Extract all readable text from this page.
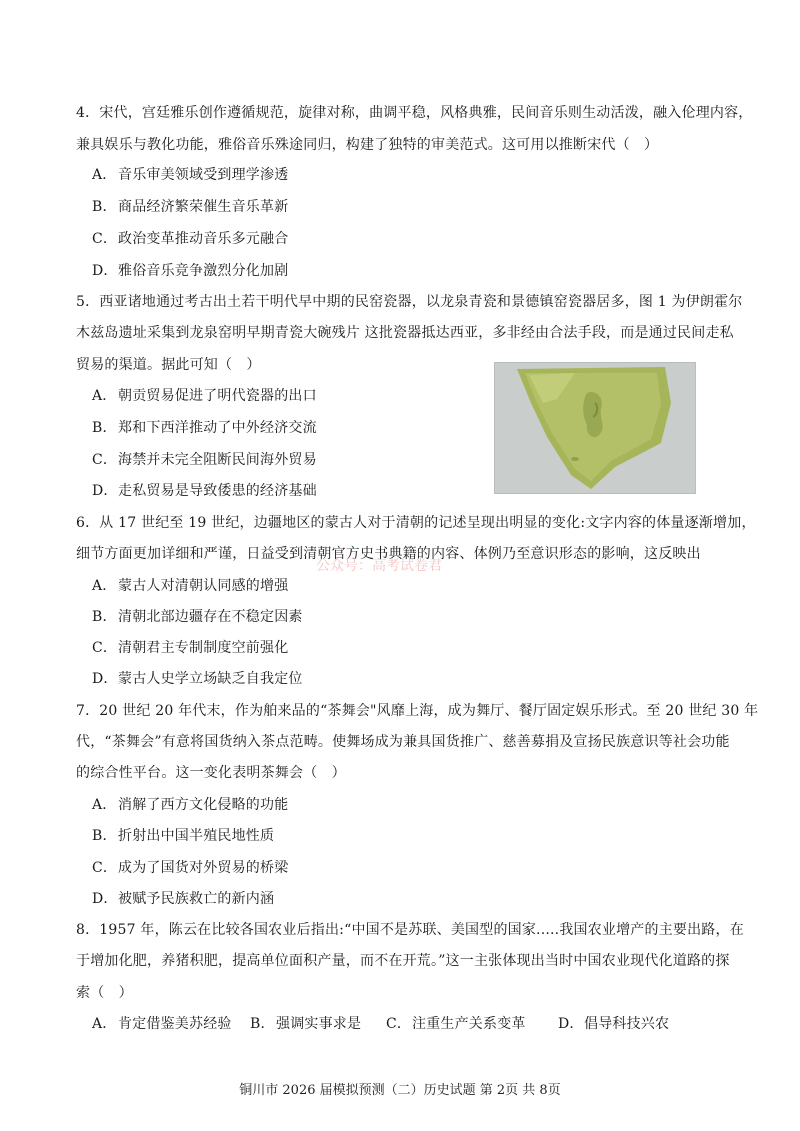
4．宋代，宫廷雅乐创作遵循规范，旋律对称，曲调平稳，风格典雅，民间音乐则生动活泼，融入伦理内容，
兼具娱乐与教化功能，雅俗音乐殊途同归，构建了独特的审美范式。这可用以推断宋代（　）
A．音乐审美领域受到理学渗透
B．商品经济繁荣催生音乐革新
C．政治变革推动音乐多元融合
D．雅俗音乐竞争激烈分化加剧
5．西亚诸地通过考古出土若干明代早中期的民窑瓷器，以龙泉青瓷和景德镇窑瓷器居多，图 1 为伊朗霍尔
木兹岛遗址采集到龙泉窑明早期青瓷大碗残片 这批瓷器抵达西亚，多非经由合法手段，而是通过民间走私
贸易的渠道。据此可知（　）
A．朝贡贸易促进了明代瓷器的出口
B．郑和下西洋推动了中外经济交流
C．海禁并未完全阻断民间海外贸易
D．走私贸易是导致倭患的经济基础
6．从 17 世纪至 19 世纪，边疆地区的蒙古人对于清朝的记述呈现出明显的变化:文字内容的体量逐渐增加，
细节方面更加详细和严谨，日益受到清朝官方史书典籍的内容、体例乃至意识形态的影响，这反映出
公众号：高考试卷君
A．蒙古人对清朝认同感的增强
B．清朝北部边疆存在不稳定因素
C．清朝君主专制制度空前强化
D．蒙古人史学立场缺乏自我定位
7．20 世纪 20 年代末，作为舶来品的“茶舞会"风靡上海，成为舞厅、餐厅固定娱乐形式。至 20 世纪 30 年
代，“茶舞会”有意将国货纳入茶点范畴。使舞场成为兼具国货推广、慈善募捐及宣扬民族意识等社会功能
的综合性平台。这一变化表明茶舞会（　）
A．消解了西方文化侵略的功能
B．折射出中国半殖民地性质
C．成为了国货对外贸易的桥梁
D．被赋予民族救亡的新内涵
8．1957 年，陈云在比较各国农业后指出:“中国不是苏联、美国型的国家.....我国农业增产的主要出路，在
于增加化肥，养猪积肥，提高单位面积产量，而不在开荒。”这一主张体现出当时中国农业现代化道路的探
索（　）
A．肯定借鉴美苏经验 B．强调实事求是 C．注重生产关系变革 D．倡导科技兴农
铜川市 2026 届模拟预测（二）历史试题 第 2页 共 8页
